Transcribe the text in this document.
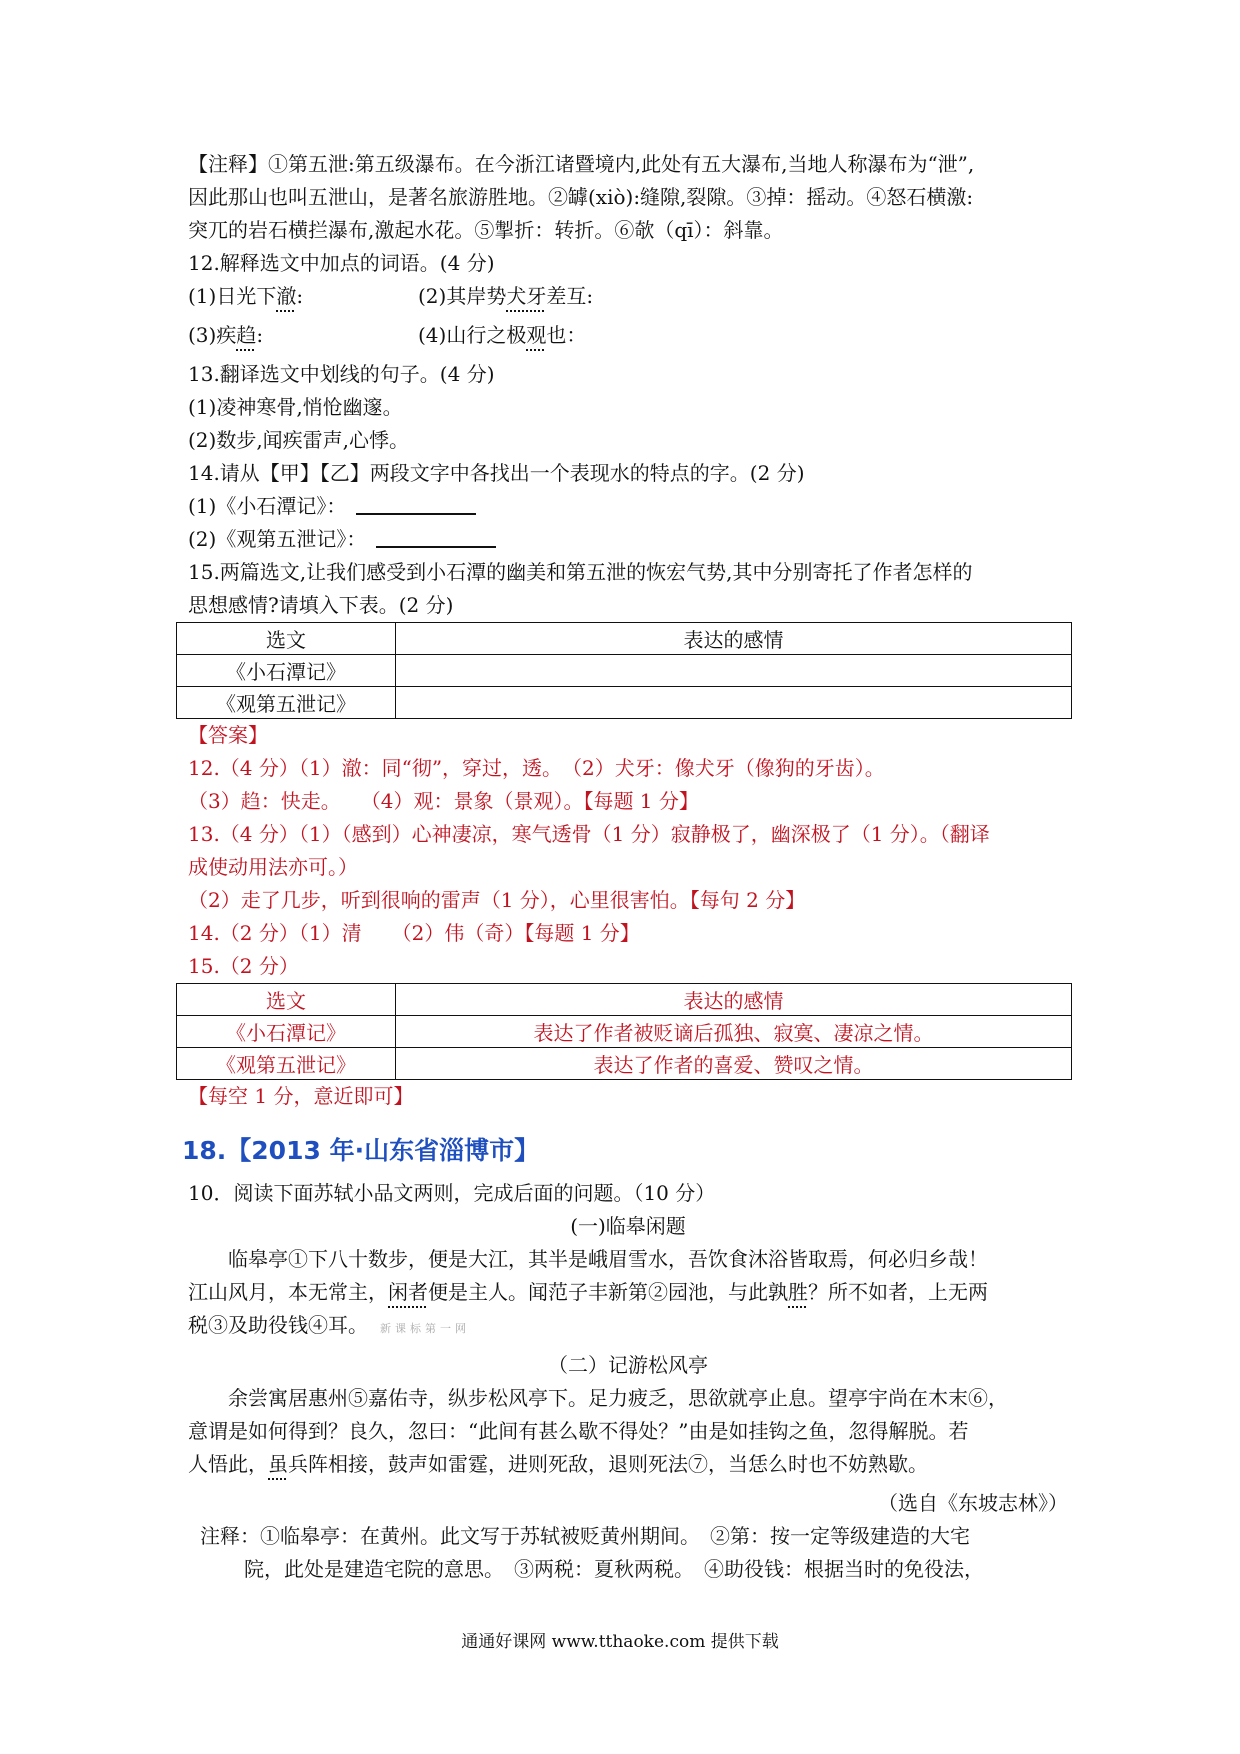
【注释】①第五泄:第五级瀑布。在今浙江诸暨境内,此处有五大瀑布,当地人称瀑布为“泄”,

因此那山也叫五泄山，是著名旅游胜地。②罅(xiò):缝隙,裂隙。③掉：摇动。④怒石横激:

突兀的岩石横拦瀑布,激起水花。⑤掣折：转折。⑥欹（qī）：斜靠。

12.解释选文中加点的词语。(4 分)

(1)日光下澈:	(2)其岸势犬牙差互:
(3)疾趋:	(4)山行之极观也：

13.翻译选文中划线的句子。(4 分)

(1)凌神寒骨,悄怆幽邃。

(2)数步,闻疾雷声,心悸。

14.请从【甲】【乙】两段文字中各找出一个表现水的特点的字。(2 分)

(1)《小石潭记》：

(2)《观第五泄记》：

15.两篇选文,让我们感受到小石潭的幽美和第五泄的恢宏气势,其中分别寄托了作者怎样的

思想感情?请填入下表。(2 分)

选文	表达的感情
《小石潭记》	
《观第五泄记》	

【答案】

12.（4 分）（1）澈：同“彻”，穿过，透。　（2）犬牙：像犬牙（像狗的牙齿）。

（3）趋：快走。　　（4）观：景象（景观）。【每题 1 分】

13.（4 分）（1）（感到）心神凄凉，寒气透骨（1 分）寂静极了，幽深极了（1 分）。（翻译

成使动用法亦可。）

（2）走了几步，听到很响的雷声（1 分），心里很害怕。【每句 2 分】

14.（2 分）（1）清　　（2）伟（奇）【每题 1 分】

15.（2 分）

选文	表达的感情
《小石潭记》	表达了作者被贬谪后孤独、寂寞、凄凉之情。
《观第五泄记》	表达了作者的喜爱、赞叹之情。

【每空 1 分，意近即可】

18.【2013 年·山东省淄博市】

10．阅读下面苏轼小品文两则，完成后面的问题。（10 分）

(一)临皋闲题

临皋亭①下八十数步，便是大江，其半是峨眉雪水，吾饮食沐浴皆取焉，何必归乡哉！

江山风月，本无常主，闲者便是主人。闻范子丰新第②园池，与此孰胜？所不如者，上无两

税③及助役钱④耳。 新课标第一网

（二）记游松风亭

余尝寓居惠州⑤嘉佑寺，纵步松风亭下。足力疲乏，思欲就亭止息。望亭宇尚在木末⑥，

意谓是如何得到？良久，忽曰：“此间有甚么歇不得处？”由是如挂钩之鱼，忽得解脱。若

人悟此，虽兵阵相接，鼓声如雷霆，进则死敌，退则死法⑦，当恁么时也不妨熟歇。

（选自《东坡志林》）

注释：①临皋亭：在黄州。此文写于苏轼被贬黄州期间。　②第：按一定等级建造的大宅

院，此处是建造宅院的意思。　③两税：夏秋两税。　④助役钱：根据当时的免役法，

通通好课网 www.tthaoke.com 提供下载
